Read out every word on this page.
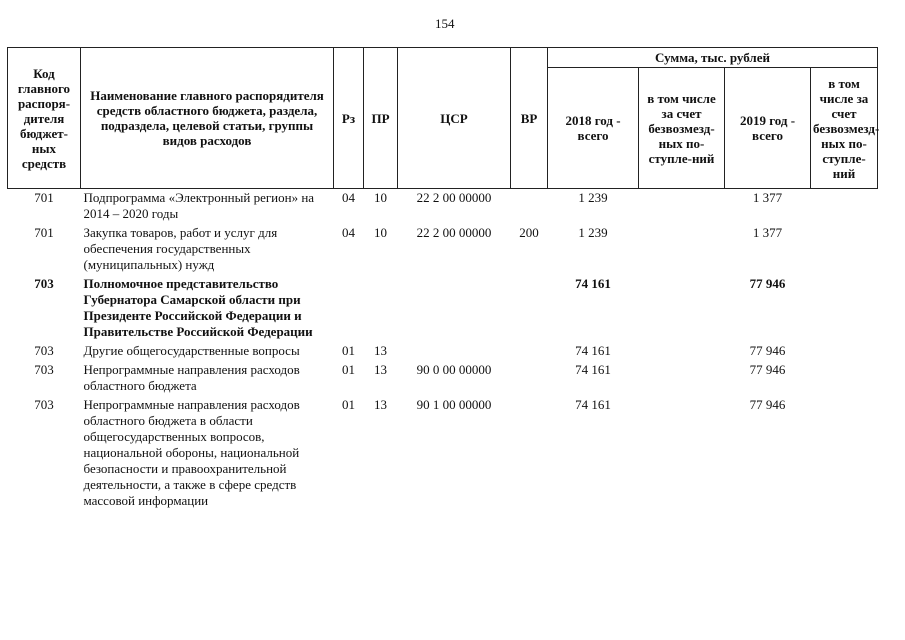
154
Код главного распоря-дителя бюджет-ных средств	Наименование главного распорядителя средств областного бюджета, раздела, подраздела, целевой статьи, группы видов расходов	Рз	ПР	ЦСР	ВР	Сумма, тыс. рублей			
						2018 год - всего	в том числе за счет безвозмезд-ных по-ступле-ний	2019 год - всего	в том числе за счет безвозмезд-ных по-ступле-ний
701	Подпрограмма «Электронный регион» на 2014 – 2020 годы	04	10	22 2 00 00000		1 239		1 377	
701	Закупка товаров, работ и услуг для обеспечения государственных (муниципальных) нужд	04	10	22 2 00 00000	200	1 239		1 377	
703	Полномочное представительство Губернатора Самарской области при Президенте Российской Федерации и Правительстве Российской Федерации					74 161		77 946	
703	Другие общегосударственные вопросы	01	13			74 161		77 946	
703	Непрограммные направления расходов областного бюджета	01	13	90 0 00 00000		74 161		77 946	
703	Непрограммные направления расходов областного бюджета в области общегосударственных вопросов, национальной обороны, национальной безопасности и правоохранительной деятельности, а также в сфере средств массовой информации	01	13	90 1 00 00000		74 161		77 946	
